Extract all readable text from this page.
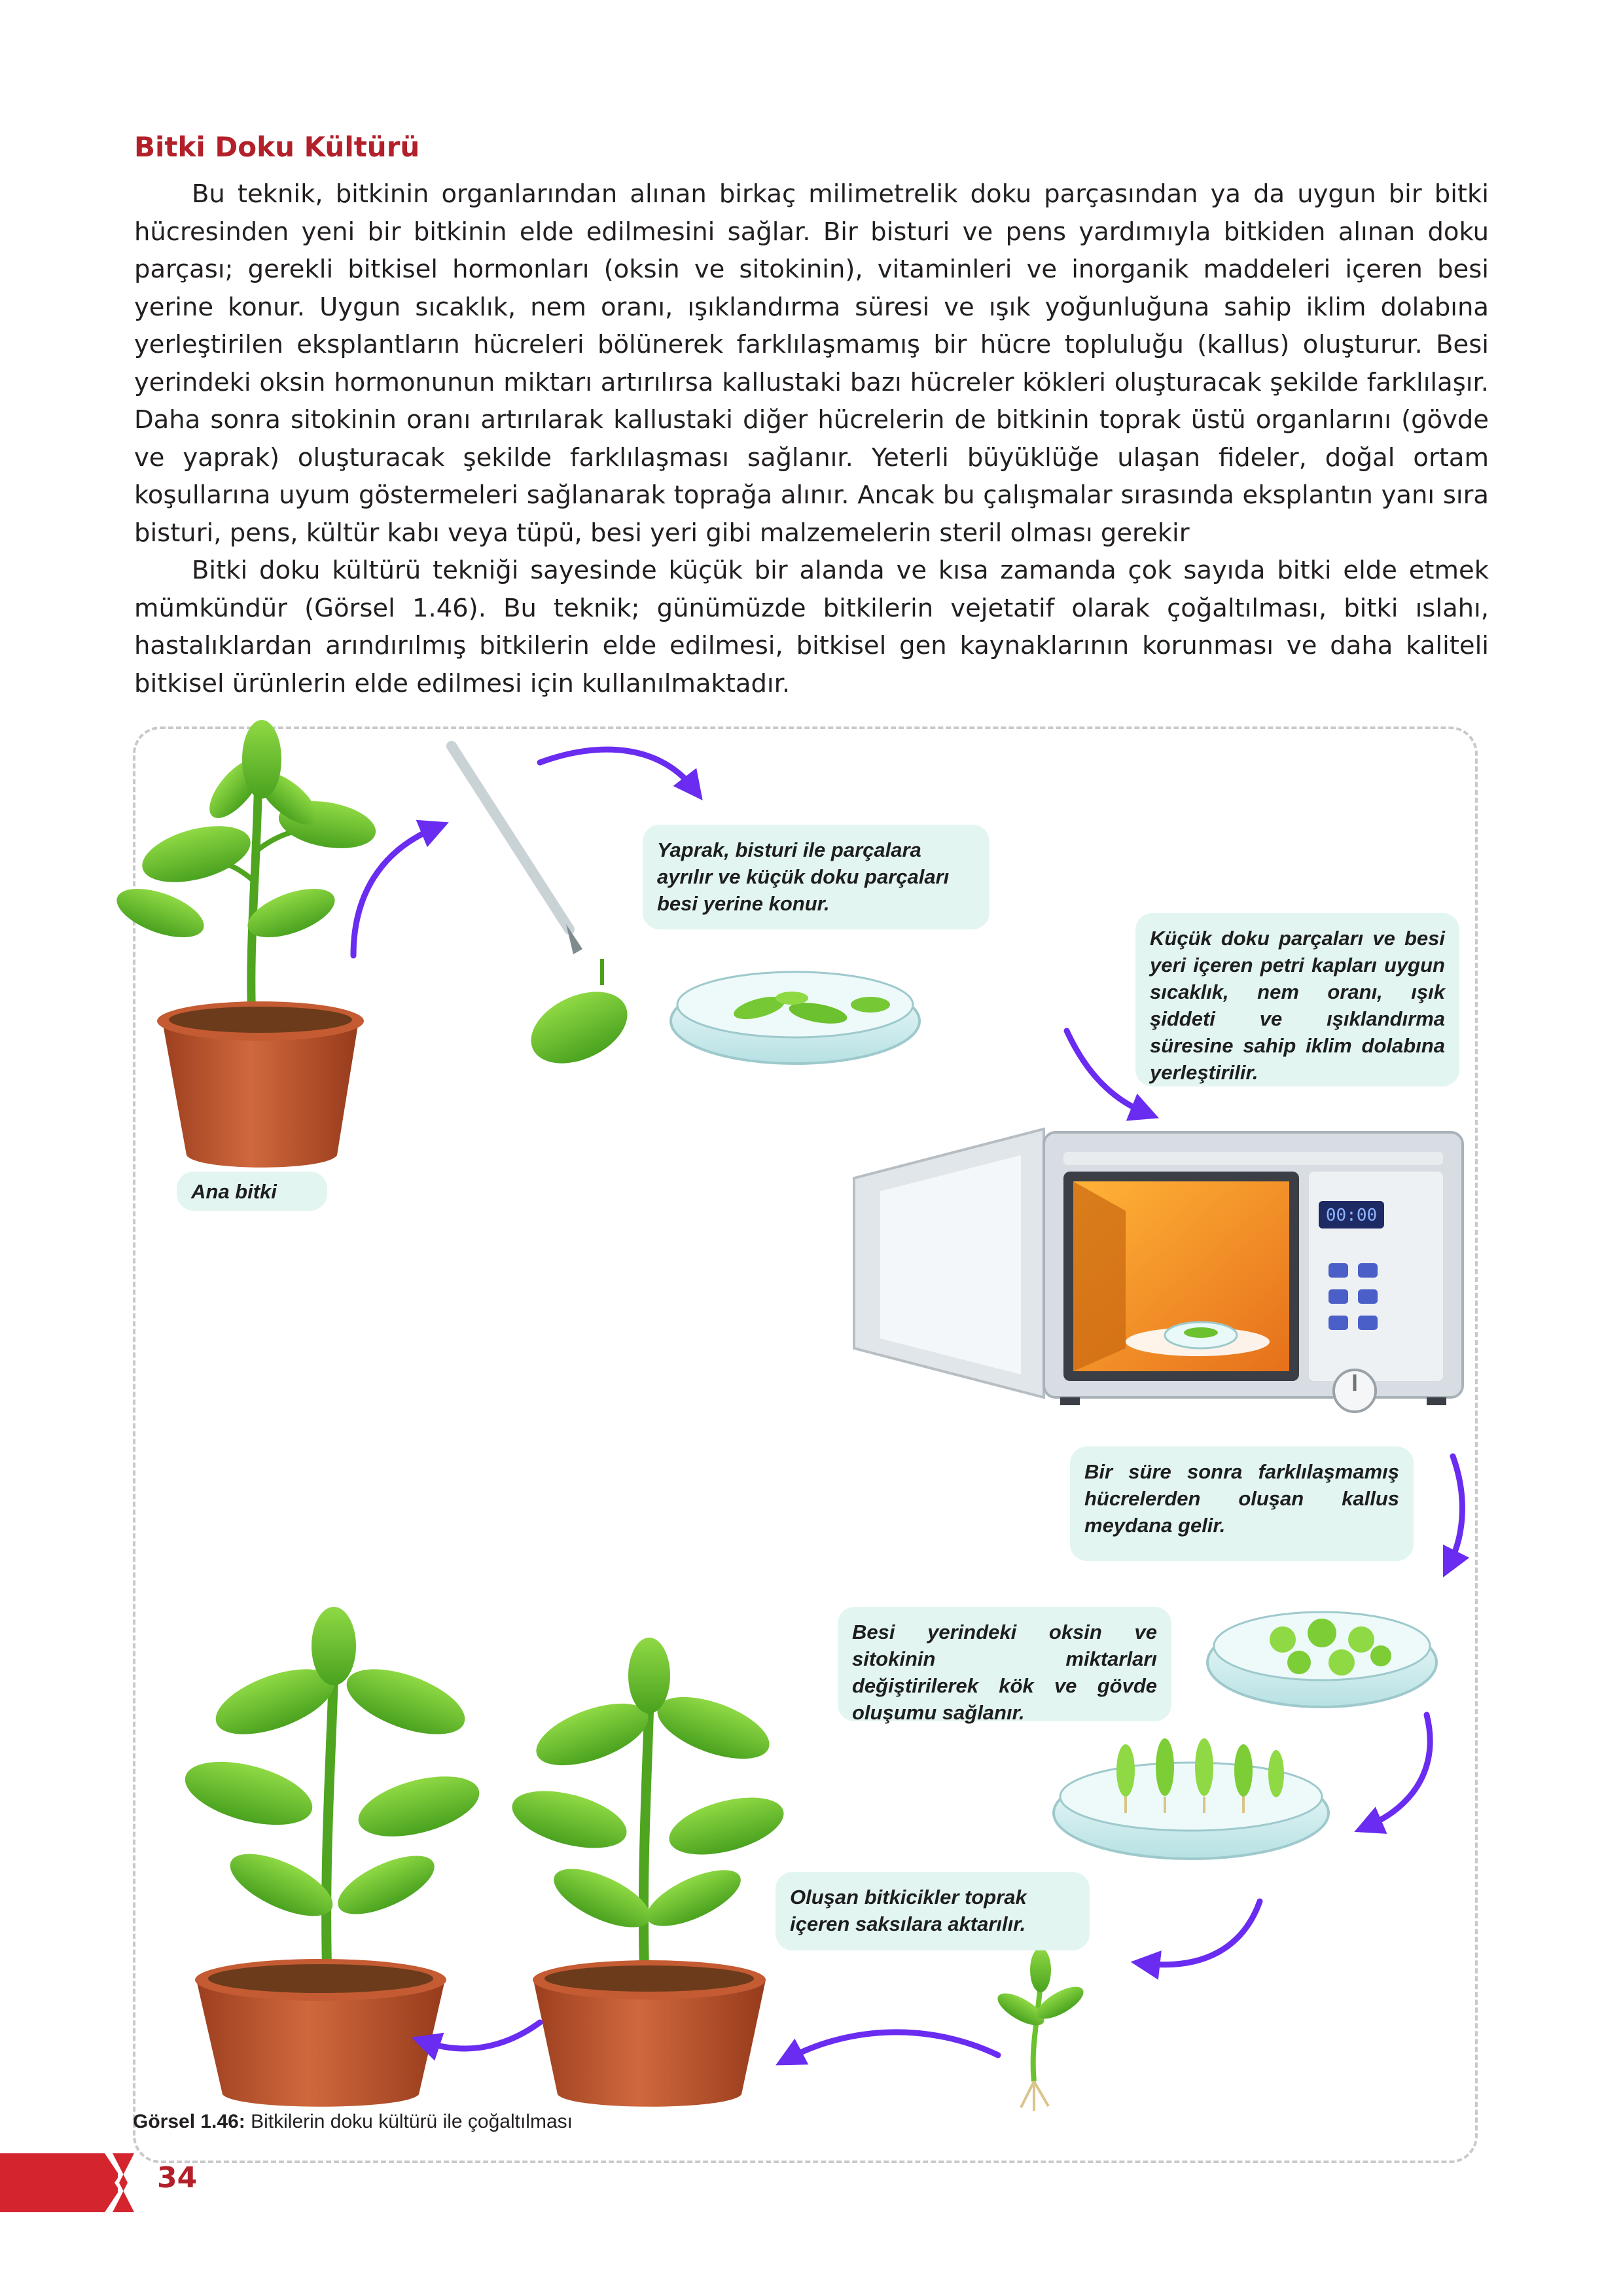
Bitki Doku Kültürü

Bu teknik, bitkinin organlarından alınan birkaç milimetrelik doku parçasından ya da uygun bir bitki hücresinden yeni bir bitkinin elde edilmesini sağlar. Bir bisturi ve pens yardımıyla bitkiden alınan doku parçası; gerekli bitkisel hormonları (oksin ve sitokinin), vitaminleri ve inorganik maddeleri içeren besi yerine konur. Uygun sıcaklık, nem oranı, ışıklandırma süresi ve ışık yoğunluğuna sahip iklim dolabına yerleştirilen eksplantların hücreleri bölünerek farklılaşmamış bir hücre topluluğu (kallus) oluşturur. Besi yerindeki oksin hormonunun miktarı artırılırsa kallustaki bazı hücreler kökleri oluşturacak şekilde farklılaşır. Daha sonra sitokinin oranı artırılarak kallustaki diğer hücrelerin de bitkinin toprak üstü organlarını (gövde ve yaprak) oluşturacak şekilde farklılaşması sağlanır. Yeterli büyüklüğe ulaşan fideler, doğal ortam koşullarına uyum göstermeleri sağlanarak toprağa alınır. Ancak bu çalışmalar sırasında eksplantın yanı sıra bisturi, pens, kültür kabı veya tüpü, besi yeri gibi malzemelerin steril olması gerekir

Bitki doku kültürü tekniği sayesinde küçük bir alanda ve kısa zamanda çok sayıda bitki elde etmek mümkündür (Görsel 1.46). Bu teknik; günümüzde bitkilerin vejetatif olarak çoğaltılması, bitki ıslahı, hastalıklardan arındırılmış bitkilerin elde edilmesi, bitkisel gen kaynaklarının korunması ve daha kaliteli bitkisel ürünlerin elde edilmesi için kullanılmaktadır.

00:00
Ana bitki
Yaprak, bisturi ile parçalara ayrılır ve küçük doku parçaları besi yerine konur.
Küçük doku parçaları ve besi yeri içeren petri kapları uygun sıcaklık, nem oranı, ışık şiddeti ve ışıklandırma süresine sahip iklim dolabına yerleştirilir.
Bir süre sonra farklılaşmamış hücrelerden oluşan kallus meydana gelir.
Besi yerindeki oksin ve sitokinin miktarları değiştirilerek kök ve gövde oluşumu sağlanır.
Oluşan bitkicikler toprak içeren saksılara aktarılır.
Görsel 1.46: Bitkilerin doku kültürü ile çoğaltılması
34
